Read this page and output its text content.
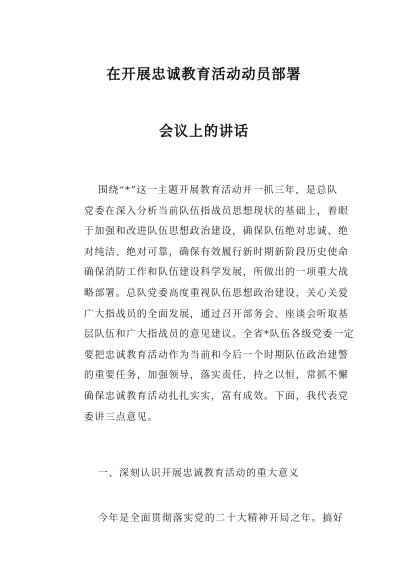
在开展忠诚教育活动动员部署
会议上的讲话
围绕“*”这一主题开展教育活动并一抓三年，是总队
党委在深入分析当前队伍指战员思想现状的基础上，着眼
于加强和改进队伍思想政治建设，确保队伍绝对忠诚、绝
对纯洁、绝对可靠，确保有效履行新时期新阶段历史使命
确保消防工作和队伍建设科学发展，所做出的一项重大战
略部署。总队党委高度重视队伍思想政治建设，关心关爱
广大指战员的全面发展，通过召开部务会、座谈会听取基
层队伍和广大指战员的意见建议。全省*队伍各级党委一定
要把忠诚教育活动作为当前和今后一个时期队伍政治建警
的重要任务，加强领导，落实责任，持之以恒，常抓不懈
确保忠诚教育活动扎扎实实，富有成效。下面，我代表党
委讲三点意见。
一、深刻认识开展忠诚教育活动的重大意义
今年是全面贯彻落实党的二十大精神开局之年。搞好
